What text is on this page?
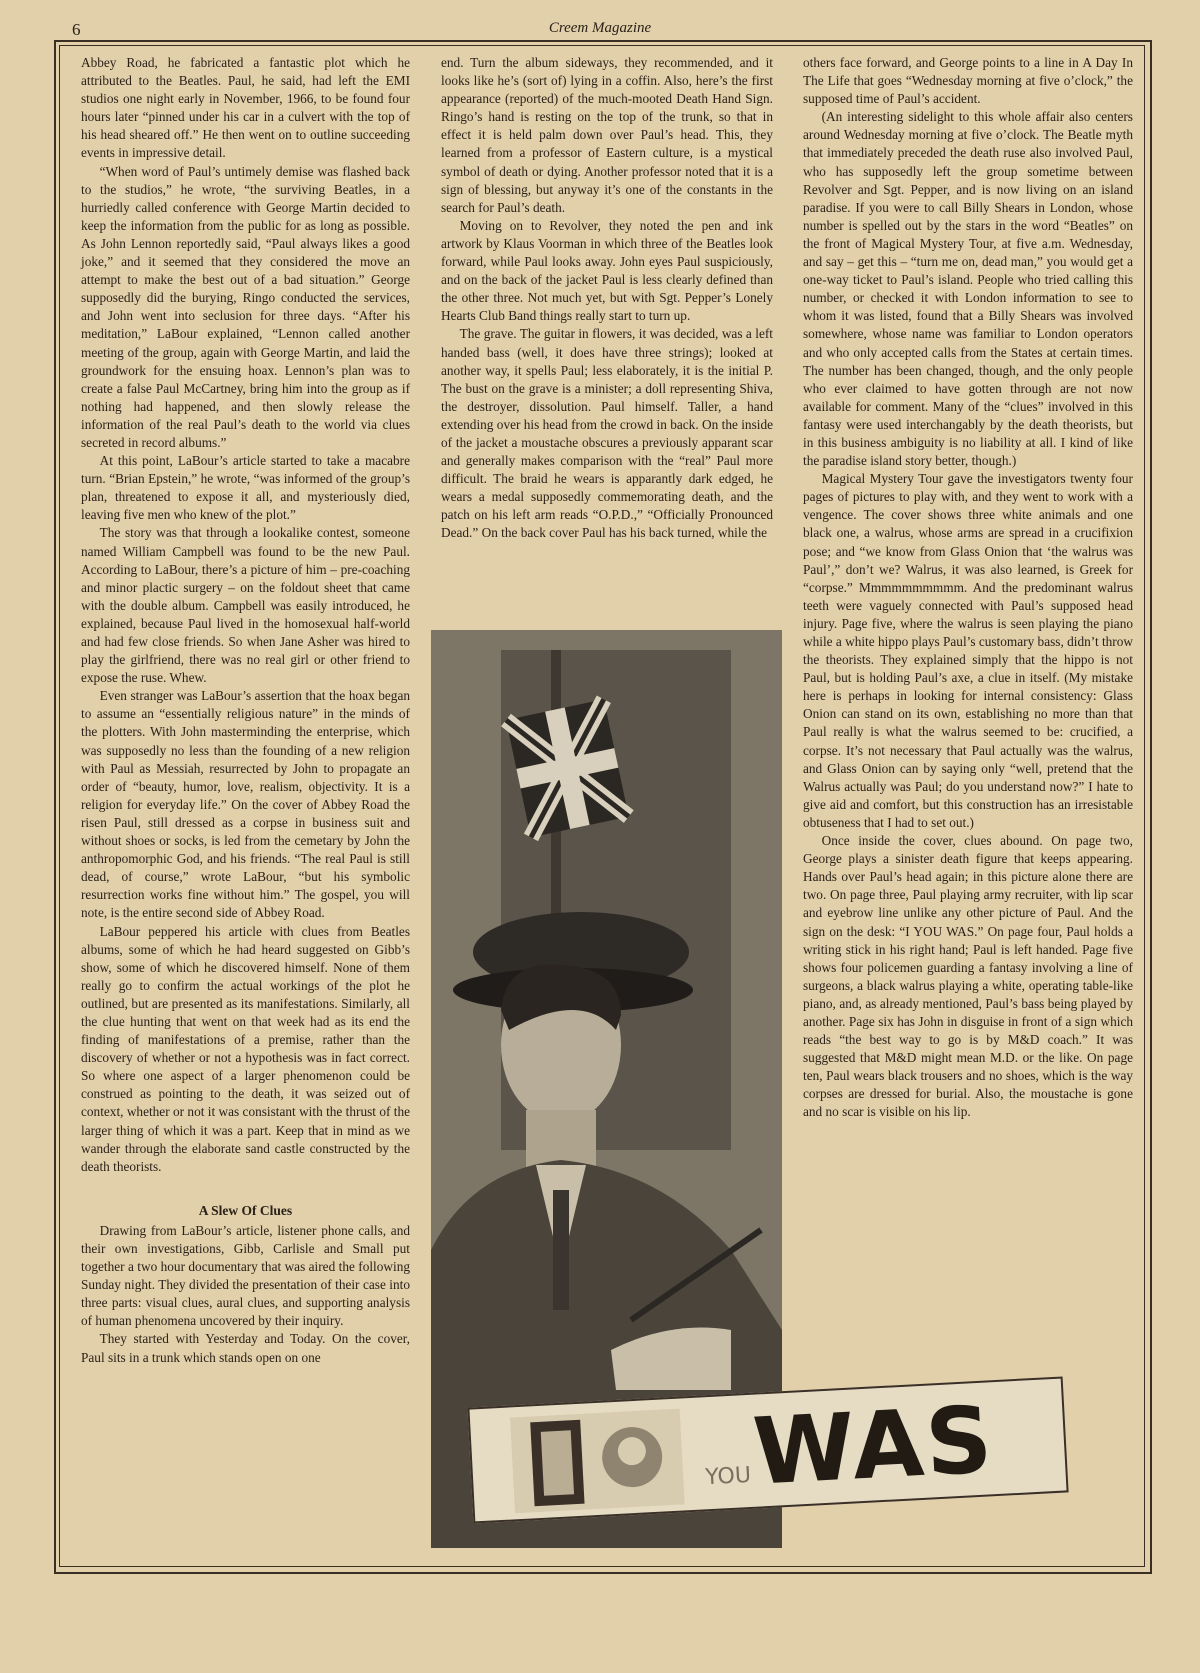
6	Creem Magazine

Abbey Road, he fabricated a fantastic plot which he attributed to the Beatles. Paul, he said, had left the EMI studios one night early in November, 1966, to be found four hours later “pinned under his car in a culvert with the top of his head sheared off.” He then went on to outline succeeding events in impressive detail.

“When word of Paul’s untimely demise was flashed back to the studios,” he wrote, “the surviving Beatles, in a hurriedly called conference with George Martin decided to keep the information from the public for as long as possible. As John Lennon reportedly said, “Paul always likes a good joke,” and it seemed that they considered the move an attempt to make the best out of a bad situation.” George supposedly did the burying, Ringo conducted the services, and John went into seclusion for three days. “After his meditation,” LaBour explained, “Lennon called another meeting of the group, again with George Martin, and laid the groundwork for the ensuing hoax. Lennon’s plan was to create a false Paul McCartney, bring him into the group as if nothing had happened, and then slowly release the information of the real Paul’s death to the world via clues secreted in record albums.”

At this point, LaBour’s article started to take a macabre turn. “Brian Epstein,” he wrote, “was informed of the group’s plan, threatened to expose it all, and mysteriously died, leaving five men who knew of the plot.”

The story was that through a lookalike contest, someone named William Campbell was found to be the new Paul. According to LaBour, there’s a picture of him – pre-coaching and minor plactic surgery – on the foldout sheet that came with the double album. Campbell was easily introduced, he explained, because Paul lived in the homosexual half-world and had few close friends. So when Jane Asher was hired to play the girlfriend, there was no real girl or other friend to expose the ruse. Whew.

Even stranger was LaBour’s assertion that the hoax began to assume an “essentially religious nature” in the minds of the plotters. With John masterminding the enterprise, which was supposedly no less than the founding of a new religion with Paul as Messiah, resurrected by John to propagate an order of “beauty, humor, love, realism, objectivity. It is a religion for everyday life.” On the cover of Abbey Road the risen Paul, still dressed as a corpse in business suit and without shoes or socks, is led from the cemetary by John the anthropomorphic God, and his friends. “The real Paul is still dead, of course,” wrote LaBour, “but his symbolic resurrection works fine without him.” The gospel, you will note, is the entire second side of Abbey Road.

LaBour peppered his article with clues from Beatles albums, some of which he had heard suggested on Gibb’s show, some of which he discovered himself. None of them really go to confirm the actual workings of the plot he outlined, but are presented as its manifestations. Similarly, all the clue hunting that went on that week had as its end the finding of manifestations of a premise, rather than the discovery of whether or not a hypothesis was in fact correct. So where one aspect of a larger phenomenon could be construed as pointing to the death, it was seized out of context, whether or not it was consistant with the thrust of the larger thing of which it was a part. Keep that in mind as we wander through the elaborate sand castle constructed by the death theorists.

A Slew Of Clues

Drawing from LaBour’s article, listener phone calls, and their own investigations, Gibb, Carlisle and Small put together a two hour documentary that was aired the following Sunday night. They divided the presentation of their case into three parts: visual clues, aural clues, and supporting analysis of human phenomena uncovered by their inquiry.

They started with Yesterday and Today. On the cover, Paul sits in a trunk which stands open on one

end. Turn the album sideways, they recommended, and it looks like he’s (sort of) lying in a coffin. Also, here’s the first appearance (reported) of the much-mooted Death Hand Sign. Ringo’s hand is resting on the top of the trunk, so that in effect it is held palm down over Paul’s head. This, they learned from a professor of Eastern culture, is a mystical symbol of death or dying. Another professor noted that it is a sign of blessing, but anyway it’s one of the constants in the search for Paul’s death.

Moving on to Revolver, they noted the pen and ink artwork by Klaus Voorman in which three of the Beatles look forward, while Paul looks away. John eyes Paul suspiciously, and on the back of the jacket Paul is less clearly defined than the other three. Not much yet, but with Sgt. Pepper’s Lonely Hearts Club Band things really start to turn up.

The grave. The guitar in flowers, it was decided, was a left handed bass (well, it does have three strings); looked at another way, it spells Paul; less elaborately, it is the initial P. The bust on the grave is a minister; a doll representing Shiva, the destroyer, dissolution. Paul himself. Taller, a hand extending over his head from the crowd in back. On the inside of the jacket a moustache obscures a previously apparant scar and generally makes comparison with the “real” Paul more difficult. The braid he wears is apparantly dark edged, he wears a medal supposedly commemorating death, and the patch on his left arm reads “O.P.D.,” “Officially Pronounced Dead.” On the back cover Paul has his back turned, while the

others face forward, and George points to a line in A Day In The Life that goes “Wednesday morning at five o’clock,” the supposed time of Paul’s accident.

(An interesting sidelight to this whole affair also centers around Wednesday morning at five o’clock. The Beatle myth that immediately preceded the death ruse also involved Paul, who has supposedly left the group sometime between Revolver and Sgt. Pepper, and is now living on an island paradise. If you were to call Billy Shears in London, whose number is spelled out by the stars in the word “Beatles” on the front of Magical Mystery Tour, at five a.m. Wednesday, and say – get this – “turn me on, dead man,” you would get a one-way ticket to Paul’s island. People who tried calling this number, or checked it with London information to see to whom it was listed, found that a Billy Shears was involved somewhere, whose name was familiar to London operators and who only accepted calls from the States at certain times. The number has been changed, though, and the only people who ever claimed to have gotten through are not now available for comment. Many of the “clues” involved in this fantasy were used interchangably by the death theorists, but in this business ambiguity is no liability at all. I kind of like the paradise island story better, though.)

Magical Mystery Tour gave the investigators twenty four pages of pictures to play with, and they went to work with a vengence. The cover shows three white animals and one black one, a walrus, whose arms are spread in a crucifixion pose; and “we know from Glass Onion that ‘the walrus was Paul’,” don’t we? Walrus, it was also learned, is Greek for “corpse.” Mmmmmmmmmm. And the predominant walrus teeth were vaguely connected with Paul’s supposed head injury. Page five, where the walrus is seen playing the piano while a white hippo plays Paul’s customary bass, didn’t throw the theorists. They explained simply that the hippo is not Paul, but is holding Paul’s axe, a clue in itself. (My mistake here is perhaps in looking for internal consistency: Glass Onion can stand on its own, establishing no more than that Paul really is what the walrus seemed to be: crucified, a corpse. It’s not necessary that Paul actually was the walrus, and Glass Onion can by saying only “well, pretend that the Walrus actually was Paul; do you understand now?” I hate to give aid and comfort, but this construction has an irresistable obtuseness that I had to set out.)

Once inside the cover, clues abound. On page two, George plays a sinister death figure that keeps appearing. Hands over Paul’s head again; in this picture alone there are two. On page three, Paul playing army recruiter, with lip scar and eyebrow line unlike any other picture of Paul. And the sign on the desk: “I YOU WAS.” On page four, Paul holds a writing stick in his right hand; Paul is left handed. Page five shows four policemen guarding a fantasy involving a line of surgeons, a black walrus playing a white, operating table-like piano, and, as already mentioned, Paul’s bass being played by another. Page six has John in disguise in front of a sign which reads “the best way to go is by M&D coach.” It was suggested that M&D might mean M.D. or the like. On page ten, Paul wears black trousers and no shoes, which is the way corpses are dressed for burial. Also, the moustache is gone and no scar is visible on his lip.

YOU
WAS
